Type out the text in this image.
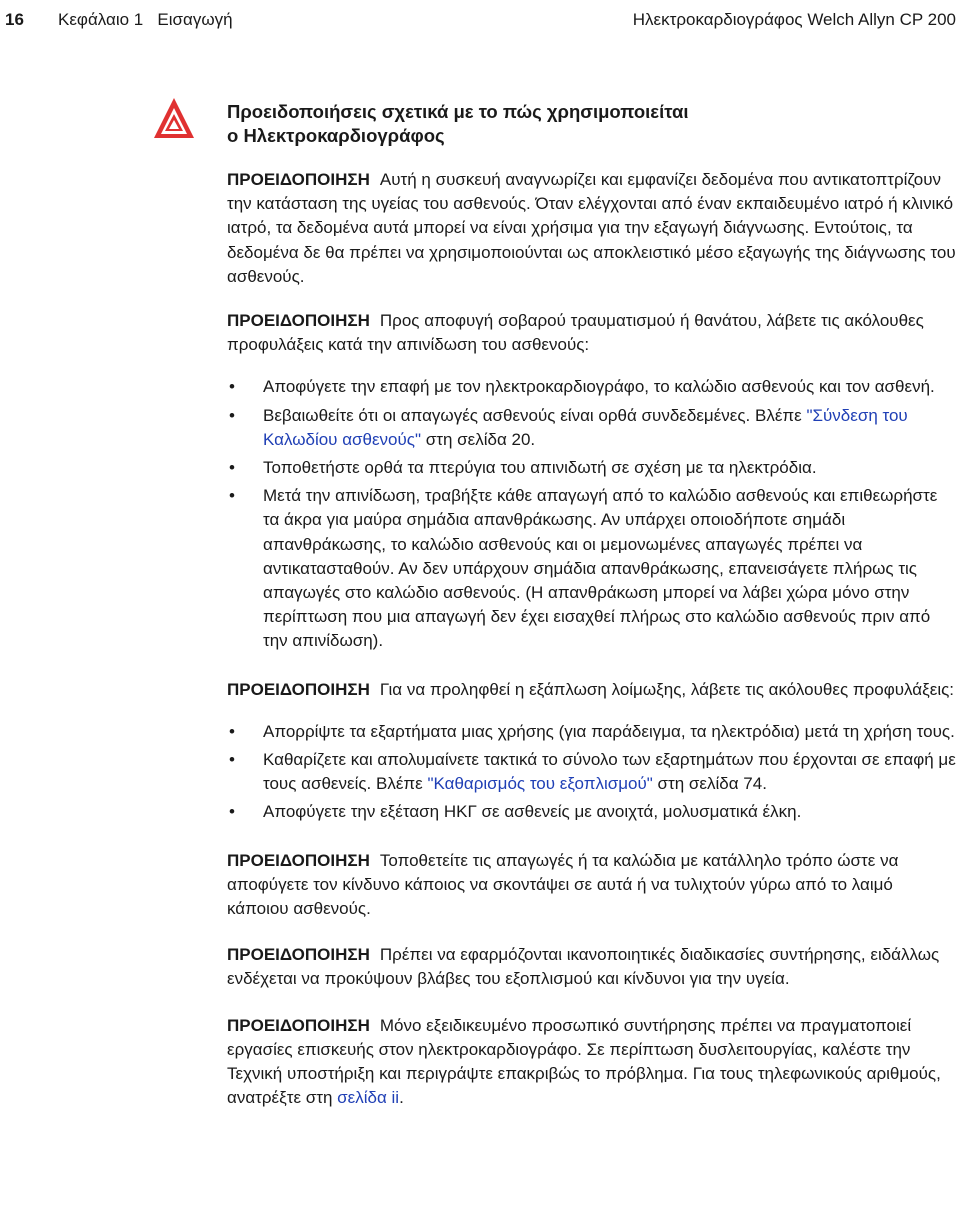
16 Κεφάλαιο 1   Εισαγωγή	Ηλεκτροκαρδιογράφος Welch Allyn CP 200
Προειδοποιήσεις σχετικά με το πώς χρησιμοποιείται
ο Ηλεκτροκαρδιογράφος

ΠΡΟΕΙΔΟΠΟΙΗΣΗ Αυτή η συσκευή αναγνωρίζει και εμφανίζει δεδομένα που αντικατοπτρίζουν την κατάσταση της υγείας του ασθενούς. Όταν ελέγχονται από έναν εκπαιδευμένο ιατρό ή κλινικό ιατρό, τα δεδομένα αυτά μπορεί να είναι χρήσιμα για την εξαγωγή διάγνωσης. Εντούτοις, τα δεδομένα δε θα πρέπει να χρησιμοποιούνται ως αποκλειστικό μέσο εξαγωγής της διάγνωσης του ασθενούς.

ΠΡΟΕΙΔΟΠΟΙΗΣΗ Προς αποφυγή σοβαρού τραυματισμού ή θανάτου, λάβετε τις ακόλουθες προφυλάξεις κατά την απινίδωση του ασθενούς:

• Αποφύγετε την επαφή με τον ηλεκτροκαρδιογράφο, το καλώδιο ασθενούς και τον ασθενή.
• Βεβαιωθείτε ότι οι απαγωγές ασθενούς είναι ορθά συνδεδεμένες. Βλέπε "Σύνδεση του Καλωδίου ασθενούς" στη σελίδα 20.
• Τοποθετήστε ορθά τα πτερύγια του απινιδωτή σε σχέση με τα ηλεκτρόδια.
• Μετά την απινίδωση, τραβήξτε κάθε απαγωγή από το καλώδιο ασθενούς και επιθεωρήστε τα άκρα για μαύρα σημάδια απανθράκωσης. Αν υπάρχει οποιοδήποτε σημάδι απανθράκωσης, το καλώδιο ασθενούς και οι μεμονωμένες απαγωγές πρέπει να αντικατασταθούν. Αν δεν υπάρχουν σημάδια απανθράκωσης, επανεισάγετε πλήρως τις απαγωγές στο καλώδιο ασθενούς. (Η απανθράκωση μπορεί να λάβει χώρα μόνο στην περίπτωση που μια απαγωγή δεν έχει εισαχθεί πλήρως στο καλώδιο ασθενούς πριν από την απινίδωση).

ΠΡΟΕΙΔΟΠΟΙΗΣΗ Για να προληφθεί η εξάπλωση λοίμωξης, λάβετε τις ακόλουθες προφυλάξεις:

• Απορρίψτε τα εξαρτήματα μιας χρήσης (για παράδειγμα, τα ηλεκτρόδια) μετά τη χρήση τους.
• Καθαρίζετε και απολυμαίνετε τακτικά το σύνολο των εξαρτημάτων που έρχονται σε επαφή με τους ασθενείς. Βλέπε "Καθαρισμός του εξοπλισμού" στη σελίδα 74.
• Αποφύγετε την εξέταση ΗΚΓ σε ασθενείς με ανοιχτά, μολυσματικά έλκη.

ΠΡΟΕΙΔΟΠΟΙΗΣΗ Τοποθετείτε τις απαγωγές ή τα καλώδια με κατάλληλο τρόπο ώστε να αποφύγετε τον κίνδυνο κάποιος να σκοντάψει σε αυτά ή να τυλιχτούν γύρω από το λαιμό κάποιου ασθενούς.

ΠΡΟΕΙΔΟΠΟΙΗΣΗ Πρέπει να εφαρμόζονται ικανοποιητικές διαδικασίες συντήρησης, ειδάλλως ενδέχεται να προκύψουν βλάβες του εξοπλισμού και κίνδυνοι για την υγεία.

ΠΡΟΕΙΔΟΠΟΙΗΣΗ Μόνο εξειδικευμένο προσωπικό συντήρησης πρέπει να πραγματοποιεί εργασίες επισκευής στον ηλεκτροκαρδιογράφο. Σε περίπτωση δυσλειτουργίας, καλέστε την Τεχνική υποστήριξη και περιγράψτε επακριβώς το πρόβλημα. Για τους τηλεφωνικούς αριθμούς, ανατρέξτε στη σελίδα ii.
